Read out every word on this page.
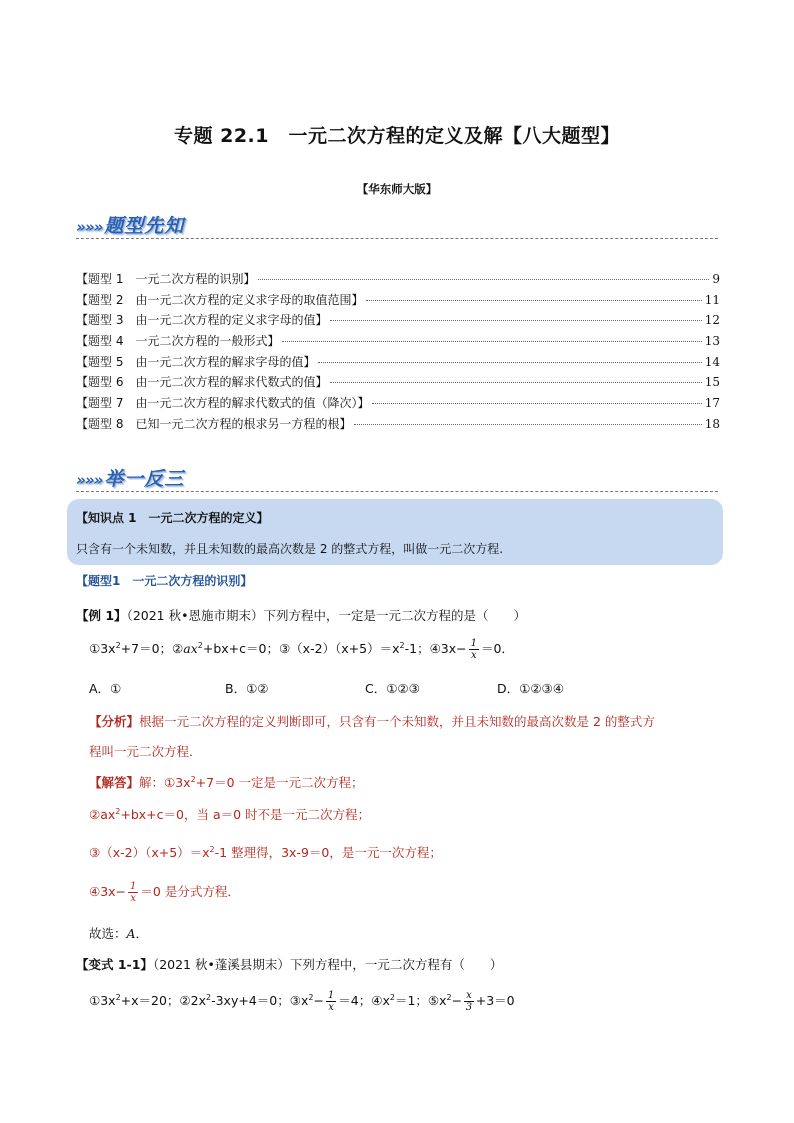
专题 22.1　一元二次方程的定义及解【八大题型】
【华东师大版】
»»» 题型先知
【题型 1　一元二次方程的识别】	9
【题型 2　由一元二次方程的定义求字母的取值范围】	11
【题型 3　由一元二次方程的定义求字母的值】	12
【题型 4　一元二次方程的一般形式】	13
【题型 5　由一元二次方程的解求字母的值】	14
【题型 6　由一元二次方程的解求代数式的值】	15
【题型 7　由一元二次方程的解求代数式的值（降次）】	17
【题型 8　已知一元二次方程的根求另一方程的根】	18
»»» 举一反三
【知识点 1　一元二次方程的定义】
只含有一个未知数，并且未知数的最高次数是 2 的整式方程，叫做一元二次方程.
【题型1　一元二次方程的识别】
【例 1】（2021 秋•恩施市期末）下列方程中，一定是一元二次方程的是（　　）
$①3x^2+7=0$；$②ax^2+bx+c=0$；$③(x-2)(x+5)=x^2-1$；④3x− $\frac{1}{x} =0$．
A．①	B．①②	C．①②③	D．①②③④
【分析】根据一元二次方程的定义判断即可，只含有一个未知数，并且未知数的最高次数是 2 的整式方
程叫一元二次方程．
【解答】解：$①3x^2+7=0$ 一定是一元二次方程；
$②ax^2+bx+c=0$，当 a＝0 时不是一元二次方程；
$③(x-2)(x+5)=x^2-1$ 整理得，3x-9＝0，是一元一次方程；
④3x− $\frac{1}{x} =0$ 是分式方程．
故选：A．
【变式 1-1】（2021 秋•蓬溪县期末）下列方程中，一元二次方程有（　　）
$①3x^2+x=20$；$②2x^2-3xy+4=0$；$③x^2- \frac{1}{x} =4$；$④x^2=1$；$⑤x^2- \frac{x}{3} +3=0$
